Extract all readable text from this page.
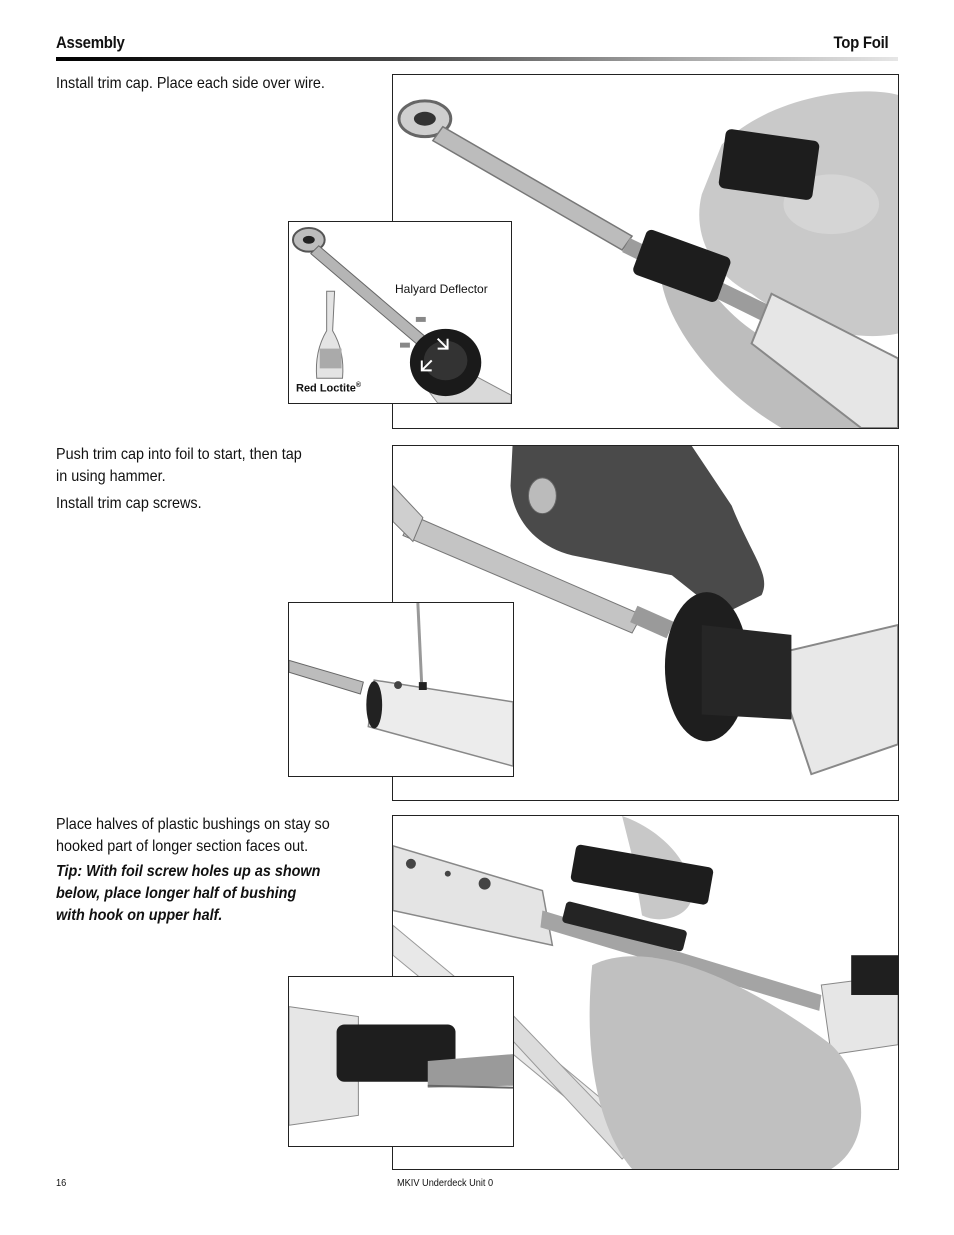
Assembly	Top Foil
Install trim cap. Place each side over wire.
Halyard Deflector
Red Loctite®
Push trim cap into foil to start, then tap
in using hammer.
Install trim cap screws.
Place halves of plastic bushings on stay so
hooked part of longer section faces out.
Tip: With foil screw holes up as shown
below, place longer half of bushing
with hook on upper half.
16	MKIV Underdeck Unit 0
